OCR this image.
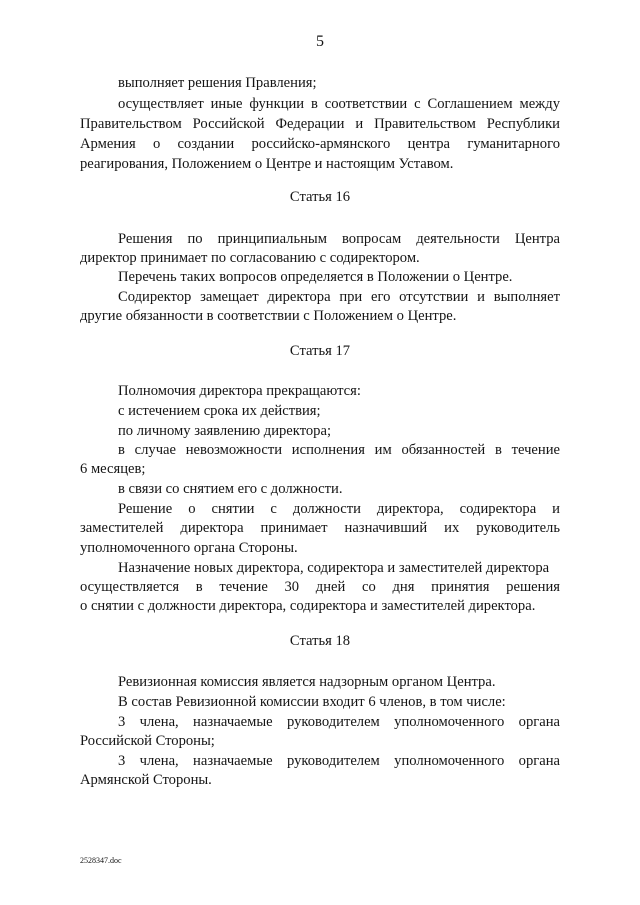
5
выполняет решения Правления;
осуществляет иные функции в соответствии с Соглашением между
Правительством Российской Федерации и Правительством Республики
Армения о создании российско-армянского центра гуманитарного
реагирования, Положением о Центре и настоящим Уставом.
Статья 16
Решения по принципиальным вопросам деятельности Центра
директор принимает по согласованию с содиректором.
Перечень таких вопросов определяется в Положении о Центре.
Содиректор замещает директора при его отсутствии и выполняет
другие обязанности в соответствии с Положением о Центре.
Статья 17
Полномочия директора прекращаются:
с истечением срока их действия;
по личному заявлению директора;
в случае невозможности исполнения им обязанностей в течение
6 месяцев;
в связи со снятием его с должности.
Решение о снятии с должности директора, содиректора и
заместителей директора принимает назначивший их руководитель
уполномоченного органа Стороны.
Назначение новых директора, содиректора и заместителей директора
осуществляется в течение 30 дней со дня принятия решения
о снятии с должности директора, содиректора и заместителей директора.
Статья 18
Ревизионная комиссия является надзорным органом Центра.
В состав Ревизионной комиссии входит 6 членов, в том числе:
3 члена, назначаемые руководителем уполномоченного органа
Российской Стороны;
3 члена, назначаемые руководителем уполномоченного органа
Армянской Стороны.
2528347.doc
